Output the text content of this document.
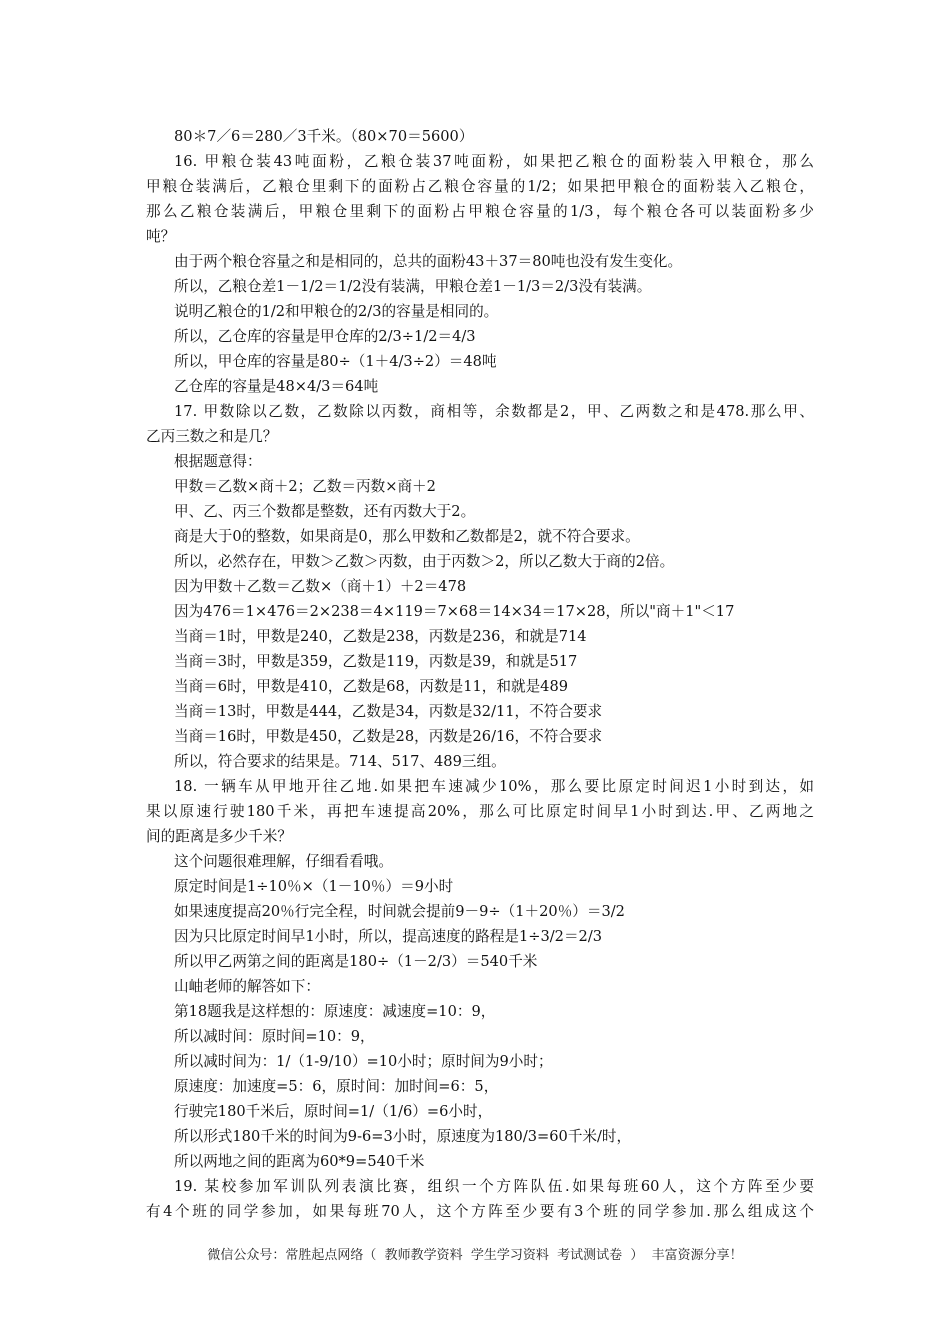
80＊7／6＝280／3千米。（80×70＝5600）
16. 甲粮仓装43吨面粉，乙粮仓装37吨面粉，如果把乙粮仓的面粉装入甲粮仓，那么
甲粮仓装满后，乙粮仓里剩下的面粉占乙粮仓容量的1/2；如果把甲粮仓的面粉装入乙粮仓，
那么乙粮仓装满后，甲粮仓里剩下的面粉占甲粮仓容量的1/3，每个粮仓各可以装面粉多少
吨？
由于两个粮仓容量之和是相同的，总共的面粉43＋37＝80吨也没有发生变化。
所以，乙粮仓差1－1/2＝1/2没有装满，甲粮仓差1－1/3＝2/3没有装满。
说明乙粮仓的1/2和甲粮仓的2/3的容量是相同的。
所以，乙仓库的容量是甲仓库的2/3÷1/2＝4/3
所以，甲仓库的容量是80÷（1＋4/3÷2）＝48吨
乙仓库的容量是48×4/3＝64吨
17. 甲数除以乙数，乙数除以丙数，商相等，余数都是2，甲、乙两数之和是478.那么甲、
乙丙三数之和是几？
根据题意得：
甲数＝乙数×商＋2；乙数＝丙数×商＋2
甲、乙、丙三个数都是整数，还有丙数大于2。
商是大于0的整数，如果商是0，那么甲数和乙数都是2，就不符合要求。
所以，必然存在，甲数＞乙数＞丙数，由于丙数＞2，所以乙数大于商的2倍。
因为甲数＋乙数＝乙数×（商＋1）＋2＝478
因为476＝1×476＝2×238＝4×119＝7×68＝14×34＝17×28，所以"商＋1"＜17
当商＝1时，甲数是240，乙数是238，丙数是236，和就是714
当商＝3时，甲数是359，乙数是119，丙数是39，和就是517
当商＝6时，甲数是410，乙数是68，丙数是11，和就是489
当商＝13时，甲数是444，乙数是34，丙数是32/11，不符合要求
当商＝16时，甲数是450，乙数是28，丙数是26/16，不符合要求
所以，符合要求的结果是。714、517、489三组。
18. 一辆车从甲地开往乙地.如果把车速减少10%，那么要比原定时间迟1小时到达，如
果以原速行驶180千米，再把车速提高20%，那么可比原定时间早1小时到达.甲、乙两地之
间的距离是多少千米？
这个问题很难理解，仔细看看哦。
原定时间是1÷10％×（1－10％）＝9小时
如果速度提高20％行完全程，时间就会提前9－9÷（1＋20％）＝3/2
因为只比原定时间早1小时，所以，提高速度的路程是1÷3/2＝2/3
所以甲乙两第之间的距离是180÷（1－2/3）＝540千米
山岫老师的解答如下：
第18题我是这样想的：原速度：减速度=10：9，
所以减时间：原时间=10：9，
所以减时间为：1/（1-9/10）=10小时；原时间为9小时；
原速度：加速度=5：6，原时间：加时间=6：5，
行驶完180千米后，原时间=1/（1/6）=6小时，
所以形式180千米的时间为9-6=3小时，原速度为180/3=60千米/时，
所以两地之间的距离为60*9=540千米
19. 某校参加军训队列表演比赛，组织一个方阵队伍.如果每班60人，这个方阵至少要
有4个班的同学参加，如果每班70人，这个方阵至少要有3个班的同学参加.那么组成这个
微信公众号：常胜起点网络（  教师教学资料  学生学习资料  考试测试卷  ）  丰富资源分享！
